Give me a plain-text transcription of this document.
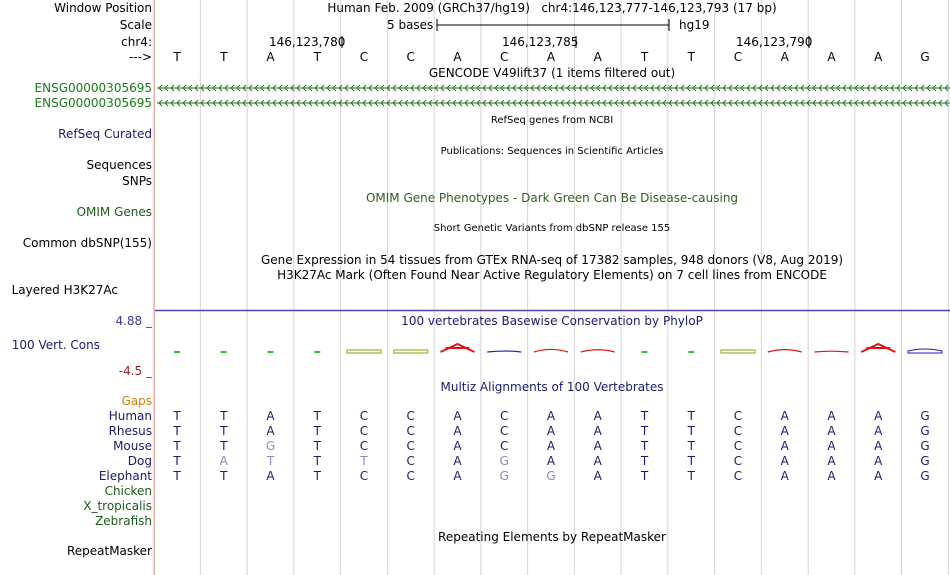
Window Position	Human Feb. 2009 (GRCh37/hg19)   chr4:146,123,777-146,123,793 (17 bp)
Scale	5 bases	hg19
chr4:	146,123,780	146,123,785	146,123,790
--->	T	T	A	T	C	C	A	C	A	A	T	T	C	A	A	A	G
GENCODE V49lift37 (1 items filtered out)
ENSG00000305695
ENSG00000305695
RefSeq Curated
RefSeq genes from NCBI
Publications: Sequences in Scientific Articles
Sequences
SNPs
OMIM Gene Phenotypes - Dark Green Can Be Disease-causing
OMIM Genes
Short Genetic Variants from dbSNP release 155
Common dbSNP(155)
Gene Expression in 54 tissues from GTEx RNA-seq of 17382 samples, 948 donors (V8, Aug 2019)
H3K27Ac Mark (Often Found Near Active Regulatory Elements) on 7 cell lines from ENCODE
Layered H3K27Ac
100 vertebrates Basewise Conservation by PhyloP
4.88 _
100 Vert. Cons
-4.5 _
Multiz Alignments of 100 Vertebrates
Gaps
Human	T	T	A	T	C	C	A	C	A	A	T	T	C	A	A	A	G
Rhesus	T	T	A	T	C	C	A	C	A	A	T	T	C	A	A	A	G
Mouse	T	T	G	T	C	C	A	C	A	A	T	T	C	A	A	A	G
Dog	T	A	T	T	T	C	A	G	A	A	T	T	C	A	A	A	G
Elephant	T	T	A	T	C	C	A	G	G	A	T	T	C	A	A	A	G
Chicken
X_tropicalis
Zebrafish
Repeating Elements by RepeatMasker
RepeatMasker
